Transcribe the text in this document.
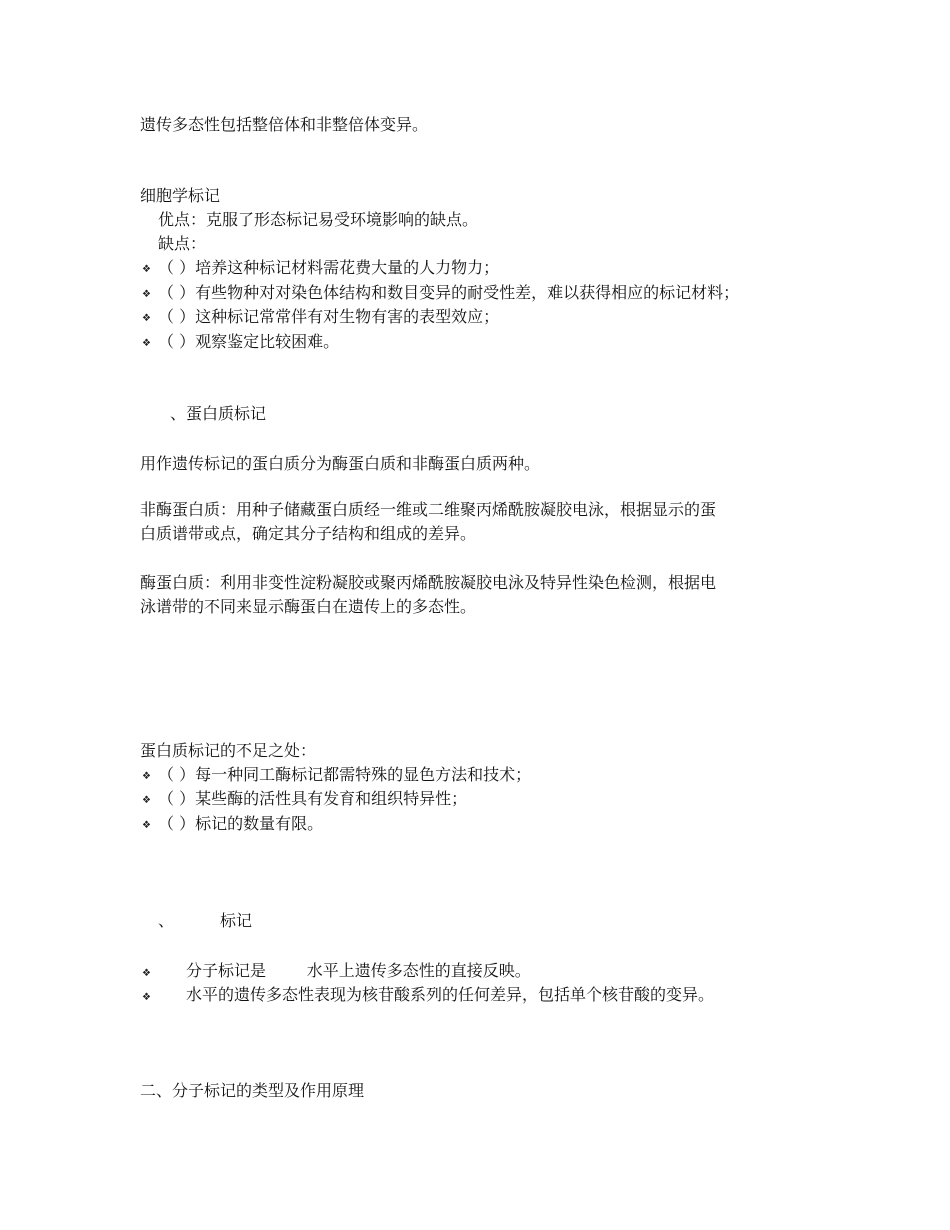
遗传多态性包括整倍体和非整倍体变异。
细胞学标记
优点：克服了形态标记易受环境影响的缺点。
缺点：
❖ （ ）培养这种标记材料需花费大量的人力物力；
❖ （ ）有些物种对对染色体结构和数目变异的耐受性差，难以获得相应的标记材料；
❖ （ ）这种标记常常伴有对生物有害的表型效应；
❖ （ ）观察鉴定比较困难。
、蛋白质标记
用作遗传标记的蛋白质分为酶蛋白质和非酶蛋白质两种。
非酶蛋白质：用种子储藏蛋白质经一维或二维聚丙烯酰胺凝胶电泳，根据显示的蛋
白质谱带或点，确定其分子结构和组成的差异。
酶蛋白质：利用非变性淀粉凝胶或聚丙烯酰胺凝胶电泳及特异性染色检测，根据电
泳谱带的不同来显示酶蛋白在遗传上的多态性。
蛋白质标记的不足之处：
❖ （ ）每一种同工酶标记都需特殊的显色方法和技术；
❖ （ ）某些酶的活性具有发育和组织特异性；
❖ （ ）标记的数量有限。
、	标记
❖ 分子标记是        水平上遗传多态性的直接反映。
❖ 水平的遗传多态性表现为核苷酸系列的任何差异，包括单个核苷酸的变异。
二、分子标记的类型及作用原理
